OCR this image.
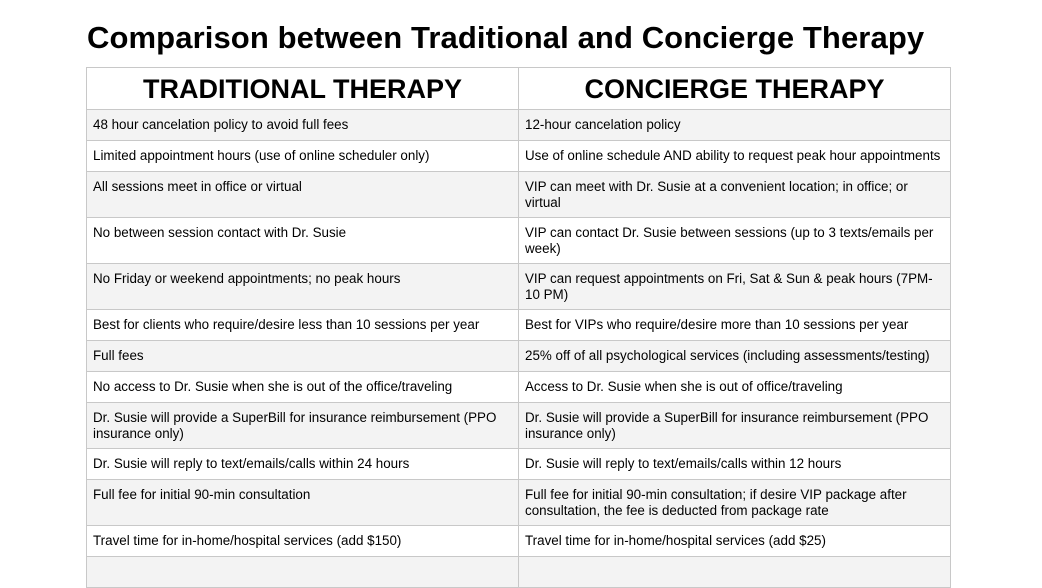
Comparison between Traditional and Concierge Therapy
TRADITIONAL THERAPY	CONCIERGE THERAPY
48 hour cancelation policy to avoid full fees	12-hour cancelation policy
Limited appointment hours (use of online scheduler only)	Use of online schedule AND ability to request peak hour appointments
All sessions meet in office or virtual	VIP can meet with Dr. Susie at a convenient location; in office; or virtual
No between session contact with Dr. Susie	VIP can contact Dr. Susie between sessions (up to 3 texts/emails per week)
No Friday or weekend appointments; no peak hours	VIP can request appointments on Fri, Sat & Sun & peak hours (7PM-10 PM)
Best for clients who require/desire less than 10 sessions per year	Best for VIPs who require/desire more than 10 sessions per year
Full fees	25% off of all psychological services (including assessments/testing)
No access to Dr. Susie when she is out of the office/traveling	Access to Dr. Susie when she is out of office/traveling
Dr. Susie will provide a SuperBill for insurance reimbursement (PPO insurance only)	Dr. Susie will provide a SuperBill for insurance reimbursement (PPO insurance only)
Dr. Susie will reply to text/emails/calls within 24 hours	Dr. Susie will reply to text/emails/calls within 12 hours
Full fee for initial 90-min consultation	Full fee for initial 90-min consultation; if desire VIP package after consultation, the fee is deducted from package rate
Travel time for in-home/hospital services (add $150)	Travel time for in-home/hospital services (add $25)
